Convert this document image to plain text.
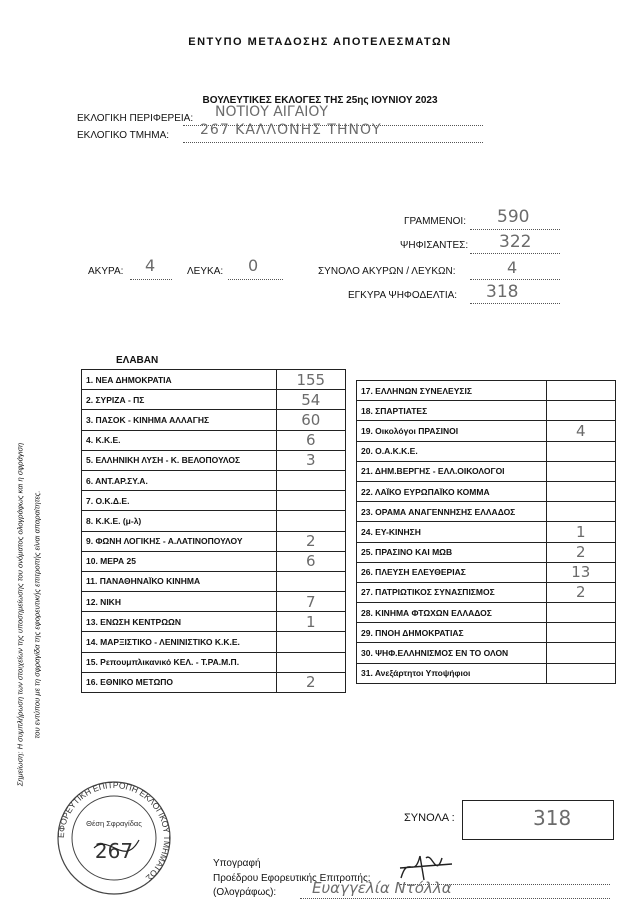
ΕΝΤΥΠΟ ΜΕΤΑΔΟΣΗΣ ΑΠΟΤΕΛΕΣΜΑΤΩΝ
ΒΟΥΛΕΥΤΙΚΕΣ ΕΚΛΟΓΕΣ ΤΗΣ 25ης ΙΟΥΝΙΟΥ 2023
ΕΚΛΟΓΙΚΗ ΠΕΡΙΦΕΡΕΙΑ: ΝΟΤΙΟΥ ΑΙΓΑΙΟΥ
ΕΚΛΟΓΙΚΟ ΤΜΗΜΑ: 267 ΚΑΛΛΟΝΗΣ ΤΗΝΟΥ
ΓΡΑΜΜΕΝΟΙ: 590
ΨΗΦΙΣΑΝΤΕΣ: 322
ΑΚΥΡΑ: 4	ΛΕΥΚΑ: 0	ΣΥΝΟΛΟ ΑΚΥΡΩΝ / ΛΕΥΚΩΝ:	4
ΕΓΚΥΡΑ ΨΗΦΟΔΕΛΤΙΑ: 318
ΕΛΑΒΑΝ
1. ΝΕΑ ΔΗΜΟΚΡΑΤΙΑ	155
2. ΣΥΡΙΖΑ - ΠΣ	54
3. ΠΑΣΟΚ - ΚΙΝΗΜΑ ΑΛΛΑΓΗΣ	60
4. Κ.Κ.Ε.	6
5. ΕΛΛΗΝΙΚΗ ΛΥΣΗ - Κ. ΒΕΛΟΠΟΥΛΟΣ	3
6. ΑΝΤ.ΑΡ.ΣΥ.Α.	
7. Ο.Κ.Δ.Ε.	
8. Κ.Κ.Ε. (μ-λ)	
9. ΦΩΝΗ ΛΟΓΙΚΗΣ - Α.ΛΑΤΙΝΟΠΟΥΛΟΥ	2
10. ΜΕΡΑ 25	6
11. ΠΑΝΑΘΗΝΑΪΚΟ ΚΙΝΗΜΑ	
12. ΝΙΚΗ	7
13. ΕΝΩΣΗ ΚΕΝΤΡΩΩΝ	1
14. ΜΑΡΞΙΣΤΙΚΟ - ΛΕΝΙΝΙΣΤΙΚΟ Κ.Κ.Ε.	
15. Ρεπουμπλικανικό ΚΕΛ. - Τ.ΡΑ.Μ.Π.	
16. ΕΘΝΙΚΟ ΜΕΤΩΠΟ	2
17. ΕΛΛΗΝΩΝ ΣΥΝΕΛΕΥΣΙΣ	
18. ΣΠΑΡΤΙΑΤΕΣ	
19. Οικολόγοι ΠΡΑΣΙΝΟΙ	4
20. Ο.Α.Κ.Κ.Ε.	
21. ΔΗΜ.ΒΕΡΓΗΣ - ΕΛΛ.ΟΙΚΟΛΟΓΟΙ	
22. ΛΑΪΚΟ ΕΥΡΩΠΑΪΚΟ ΚΟΜΜΑ	
23. ΟΡΑΜΑ ΑΝΑΓΕΝΝΗΣΗΣ ΕΛΛΑΔΟΣ	
24. ΕΥ-ΚΙΝΗΣΗ	1
25. ΠΡΑΣΙΝΟ ΚΑΙ ΜΩΒ	2
26. ΠΛΕΥΣΗ ΕΛΕΥΘΕΡΙΑΣ	13
27. ΠΑΤΡΙΩΤΙΚΟΣ ΣΥΝΑΣΠΙΣΜΟΣ	2
28. ΚΙΝΗΜΑ ΦΤΩΧΩΝ ΕΛΛΑΔΟΣ	
29. ΠΝΟΗ ΔΗΜΟΚΡΑΤΙΑΣ	
30. ΨΗΦ.ΕΛΛΗΝΙΣΜΟΣ ΕΝ ΤΟ ΟΛΟΝ	
31. Ανεξάρτητοι Υποψήφιοι	
Σημείωση: Η συμπλήρωση των στοιχείων της υποσημείωσης του ονόματος ολογράφως και η σφράγιση του εντύπου με τη σφραγίδα της εφορευτικής επιτροπής είναι απαραίτητες.
ΕΦΟΡΕΥΤΙΚΗ ΕΠΙΤΡΟΠΗ ΕΚΛΟΓΙΚΟΥ ΤΜΗΜΑΤΟΣ
Θέση Σφραγίδας
267
ΣΥΝΟΛΑ :	318
Υπογραφή
Προέδρου Εφορευτικής Επιτροπής:
(Ολογράφως): Ευαγγελία Ντόλλα
